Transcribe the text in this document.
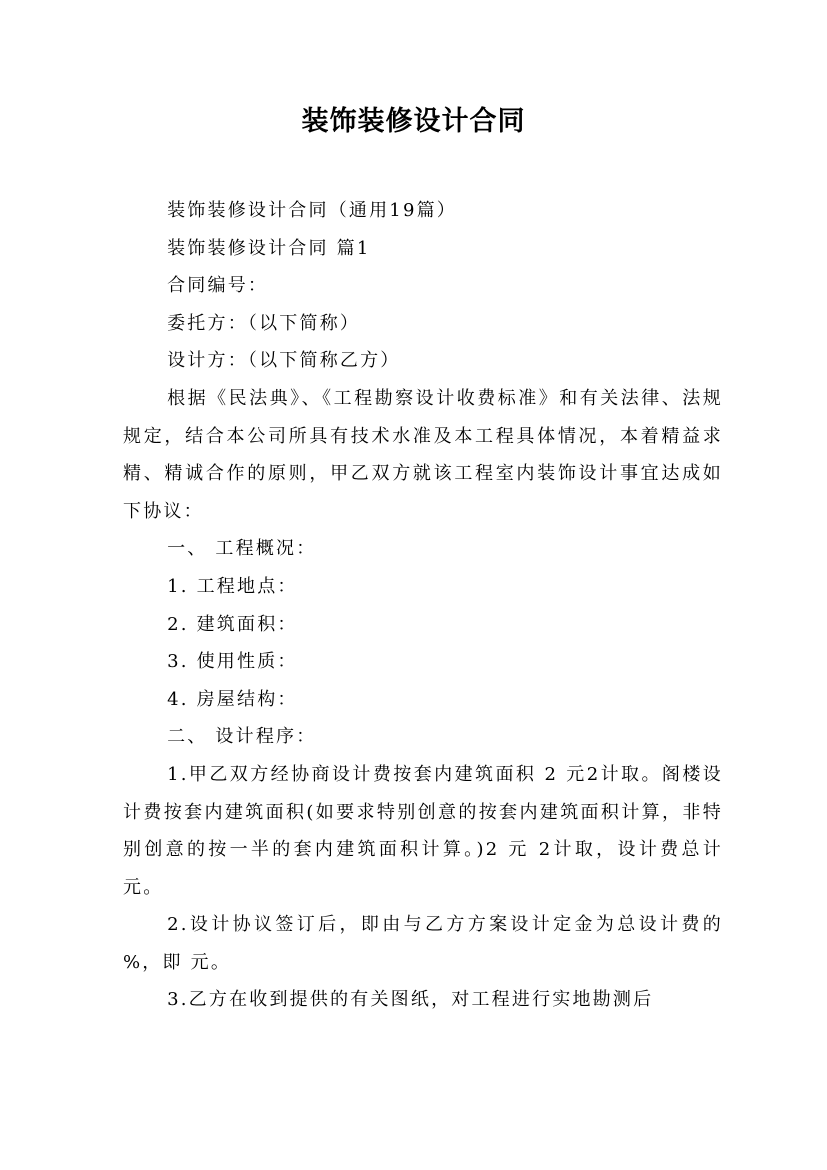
装饰装修设计合同

装饰装修设计合同（通用19篇）

装饰装修设计合同 篇1

合同编号：

委托方：（以下简称）

设计方：（以下简称乙方）

根据《民法典》、《工程勘察设计收费标准》和有关法律、法规规定，结合本公司所具有技术水准及本工程具体情况，本着精益求精、精诚合作的原则，甲乙双方就该工程室内装饰设计事宜达成如下协议：

一、 工程概况：

1. 工程地点：

2. 建筑面积：

3. 使用性质：

4. 房屋结构：

二、 设计程序：

1.甲乙双方经协商设计费按套内建筑面积 2 元2计取。阁楼设计费按套内建筑面积(如要求特别创意的按套内建筑面积计算，非特别创意的按一半的套内建筑面积计算。)2 元 2计取，设计费总计 元。

2.设计协议签订后，即由与乙方方案设计定金为总设计费的 %，即 元。

3.乙方在收到提供的有关图纸，对工程进行实地勘测后
